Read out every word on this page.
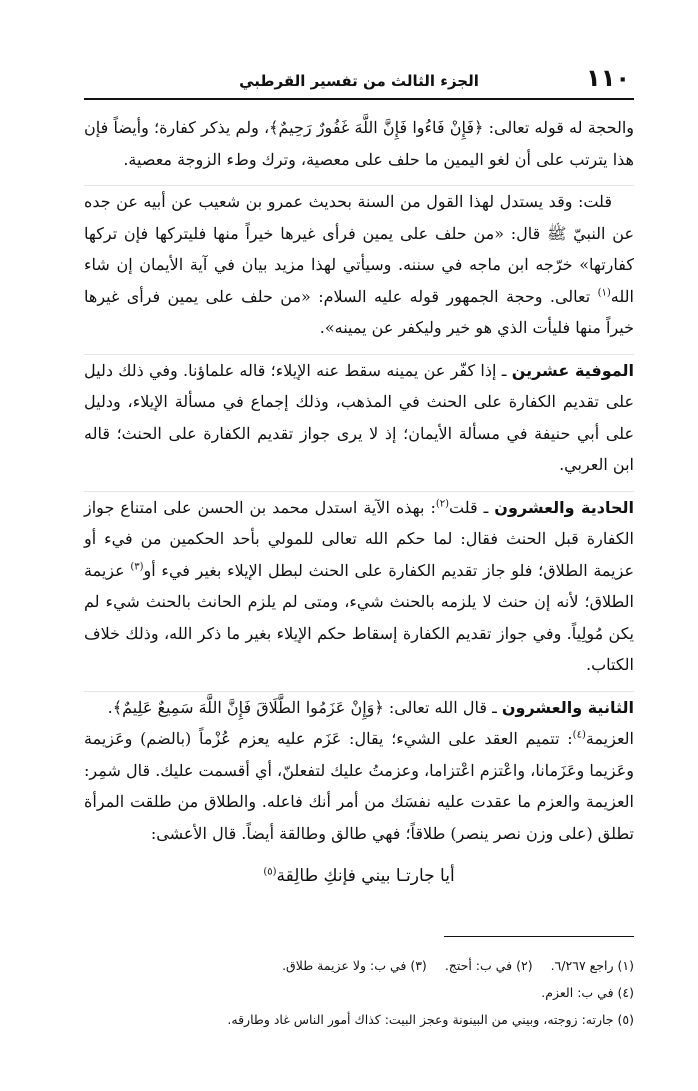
١١٠
الجزء الثالث من تفسير القرطبي

والحجة له قوله تعالى: ﴿فَإِنْ فَاءُوا فَإِنَّ اللَّهَ غَفُورٌ رَحِيمٌ﴾، ولم يذكر كفارة؛ وأيضاً فإن هذا يترتب على أن لغو اليمين ما حلف على معصية، وترك وطء الزوجة معصية.

قلت: وقد يستدل لهذا القول من السنة بحديث عمرو بن شعيب عن أبيه عن جده عن النبيّ ﷺ قال: «من حلف على يمين فرأى غيرها خيراً منها فليتركها فإن تركها كفارتها» خرّجه ابن ماجه في سننه. وسيأتي لهذا مزيد بيان في آية الأيمان إن شاء الله$^{(١)}$ تعالى. وحجة الجمهور قوله عليه السلام: «من حلف على يمين فرأى غيرها خيراً منها فليأت الذي هو خير وليكفر عن يمينه».

الموفية عشرين ـ إذا كفّر عن يمينه سقط عنه الإيلاء؛ قاله علماؤنا. وفي ذلك دليل على تقديم الكفارة على الحنث في المذهب، وذلك إجماع في مسألة الإيلاء، ودليل على أبي حنيفة في مسألة الأيمان؛ إذ لا يرى جواز تقديم الكفارة على الحنث؛ قاله ابن العربي.

الحادية والعشرون ـ قلت$^{(٢)}$: بهذه الآية استدل محمد بن الحسن على امتناع جواز الكفارة قبل الحنث فقال: لما حكم الله تعالى للمولي بأحد الحكمين من فيء أو عزيمة الطلاق؛ فلو جاز تقديم الكفارة على الحنث لبطل الإيلاء بغير فيء أو$^{(٣)}$ عزيمة الطلاق؛ لأنه إن حنث لا يلزمه بالحنث شيء، ومتى لم يلزم الحانث بالحنث شيء لم يكن مُولِياً. وفي جواز تقديم الكفارة إسقاط حكم الإيلاء بغير ما ذكر الله، وذلك خلاف الكتاب.

الثانية والعشرون ـ قال الله تعالى: ﴿وَإِنْ عَزَمُوا الطَّلَاقَ فَإِنَّ اللَّهَ سَمِيعٌ عَلِيمٌ﴾.

العزيمة$^{(٤)}$: تتميم العقد على الشيء؛ يقال: عَزَم عليه يعزم عُزْماً (بالضم) وعَزيمة وعَزيما وعَزَمانا، واعْتزم اعْتزاما، وعزمتُ عليك لتفعلنّ، أي أقسمت عليك. قال شمِر: العزيمة والعزم ما عقدت عليه نفسَك من أمر أنك فاعله. والطلاق من طلقت المرأة تطلق (على وزن نصر ينصر) طلاقاً؛ فهي طالق وطالقة أيضاً. قال الأعشى:

أيا جارتـا بيني فإنكِ طالِقة$^{(٥)}$
(١) راجع ٦/٢٦٧.(٢) في ب: أحتج.(٣) في ب: ولا عزيمة طلاق.
(٤) في ب: العزم.
(٥) جارته: زوجته، وبيني من البينونة وعجز البيت: كذاك أمور الناس غاد وطارقه.
